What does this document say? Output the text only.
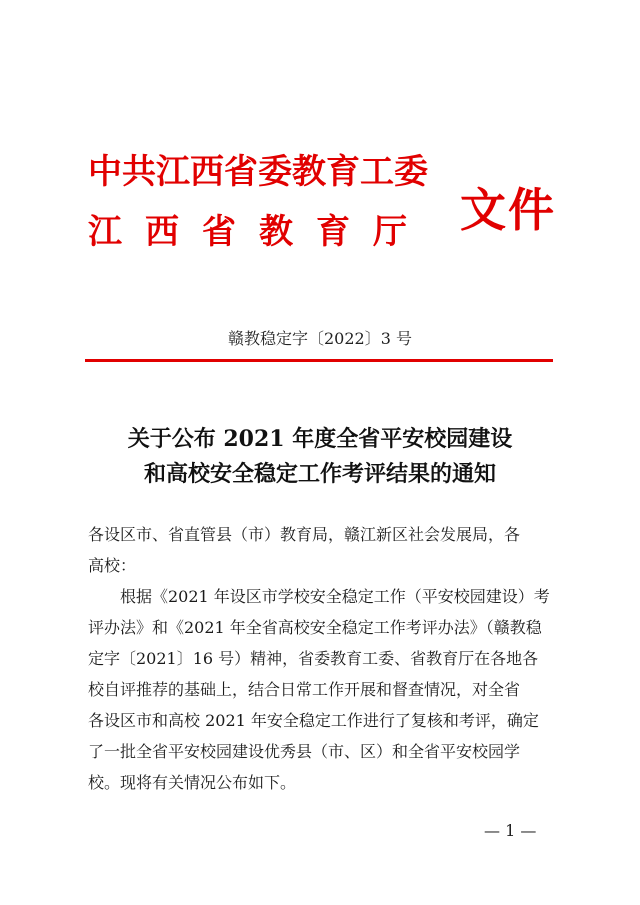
中共江西省委教育工委
江西省教育厅 文件
赣教稳定字〔2022〕3 号
关于公布 2021 年度全省平安校园建设
和高校安全稳定工作考评结果的通知
各设区市、省直管县（市）教育局，赣江新区社会发展局，各
高校：
根据《2021 年设区市学校安全稳定工作（平安校园建设）考
评办法》和《2021 年全省高校安全稳定工作考评办法》（赣教稳
定字〔2021〕16 号）精神，省委教育工委、省教育厅在各地各
校自评推荐的基础上，结合日常工作开展和督查情况，对全省
各设区市和高校 2021 年安全稳定工作进行了复核和考评，确定
了一批全省平安校园建设优秀县（市、区）和全省平安校园学
校。现将有关情况公布如下。
— 1 —
